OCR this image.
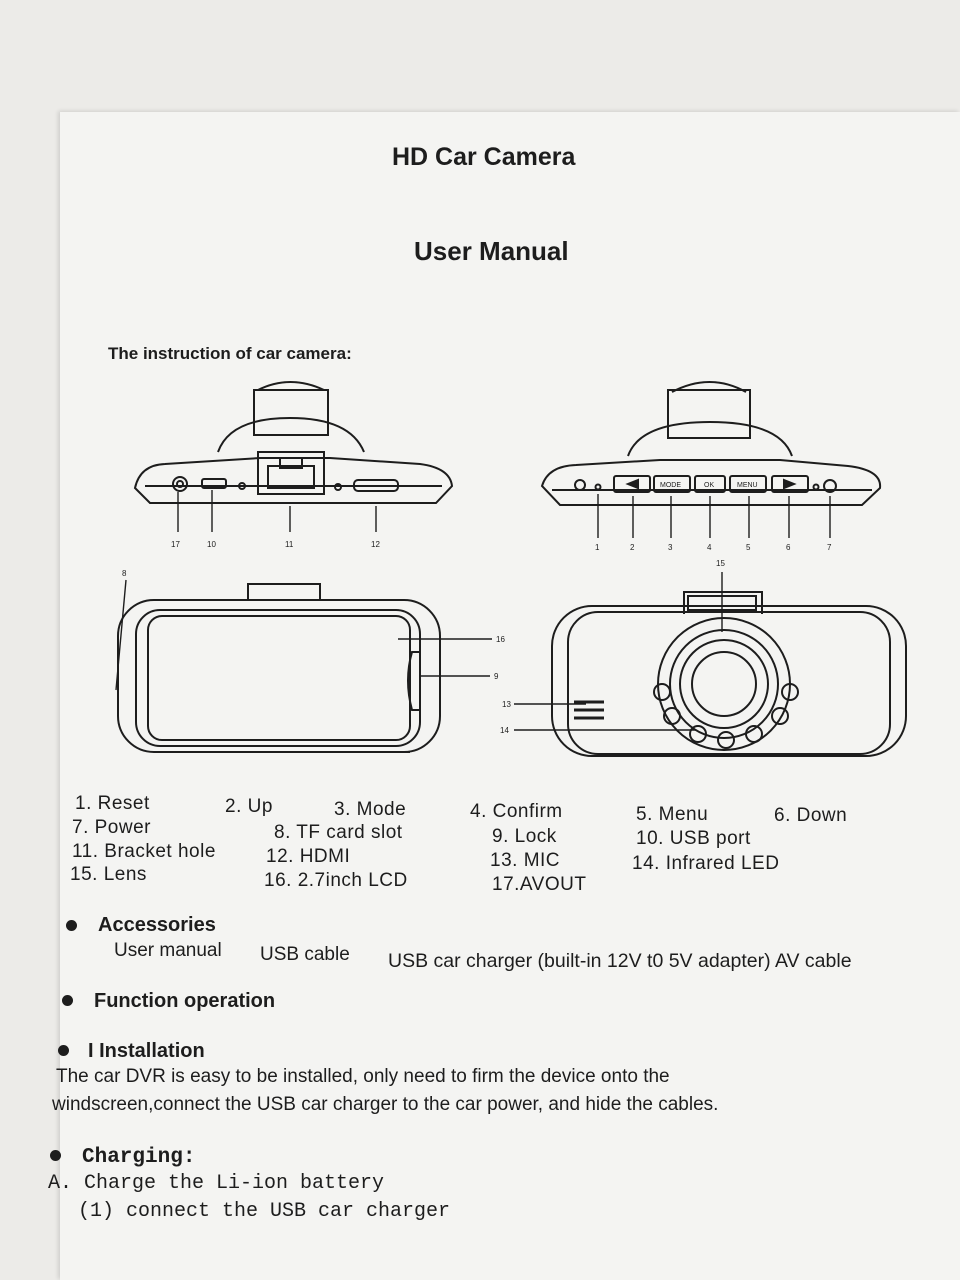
HD Car Camera
User Manual
The instruction of car camera:
17	10	11	12
MODE	OK	MENU
1	2	3	4	5	6	7
8
15
16
9
13
14
1. Reset	2. Up	3. Mode	4. Confirm	5. Menu	6. Down
7. Power	8. TF card slot	9. Lock	10. USB port
11. Bracket hole	12. HDMI	13. MIC	14. Infrared LED
15. Lens	16. 2.7inch LCD	17.AVOUT
Accessories
User manual USB cable USB car charger (built-in 12V t0 5V adapter) AV cable
Function operation
I Installation
The car DVR is easy to be installed, only need to firm the device onto the
windscreen,connect the USB car charger to the car power, and hide the cables.
Charging:
A. Charge the Li-ion battery
(1) connect the USB car charger
